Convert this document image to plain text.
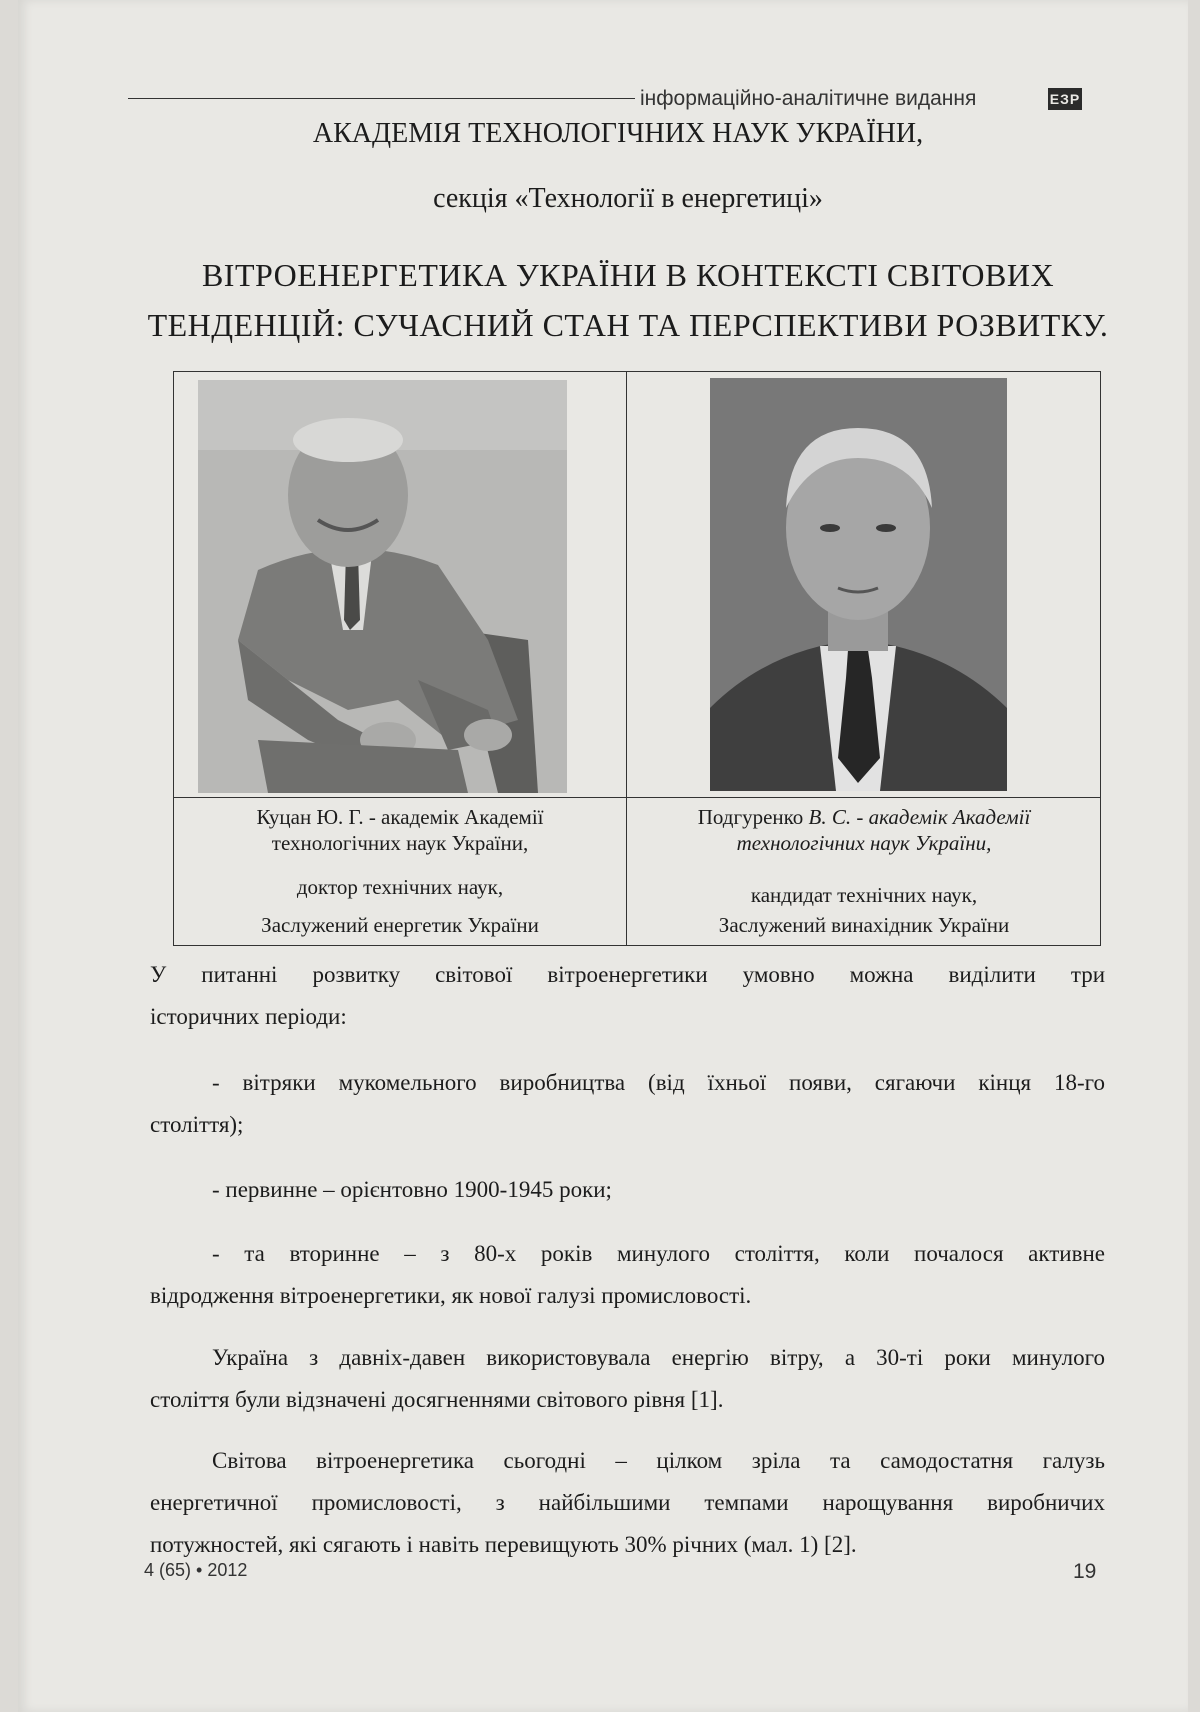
інформаційно-аналітичне видання	ЕЗР
АКАДЕМІЯ ТЕХНОЛОГІЧНИХ НАУК УКРАЇНИ,
секція «Технології в енергетиці»
ВІТРОЕНЕРГЕТИКА УКРАЇНИ В КОНТЕКСТІ СВІТОВИХ
ТЕНДЕНЦІЙ: СУЧАСНИЙ СТАН ТА ПЕРСПЕКТИВИ РОЗВИТКУ.
Куцан Ю. Г. - академік Академії
технологічних наук України,
доктор технічних наук,
Заслужений енергетик України
Подгуренко В. С. - академік Академії
технологічних наук України,
кандидат технічних наук,
Заслужений винахідник України
У питанні розвитку світової вітроенергетики умовно можна виділити три
історичних періоди:
- вітряки мукомельного виробництва (від їхньої появи, сягаючи кінця 18-го
століття);
- первинне – орієнтовно 1900-1945 роки;
- та вторинне – з 80-х років минулого століття, коли почалося активне
відродження вітроенергетики, як нової галузі промисловості.
Україна з давніх-давен використовувала енергію вітру, а 30-ті роки минулого
століття були відзначені досягненнями світового рівня [1].
Світова вітроенергетика сьогодні – цілком зріла та самодостатня галузь
енергетичної промисловості, з найбільшими темпами нарощування виробничих
потужностей, які сягають і навіть перевищують 30% річних (мал. 1) [2].
4 (65) • 2012	19
